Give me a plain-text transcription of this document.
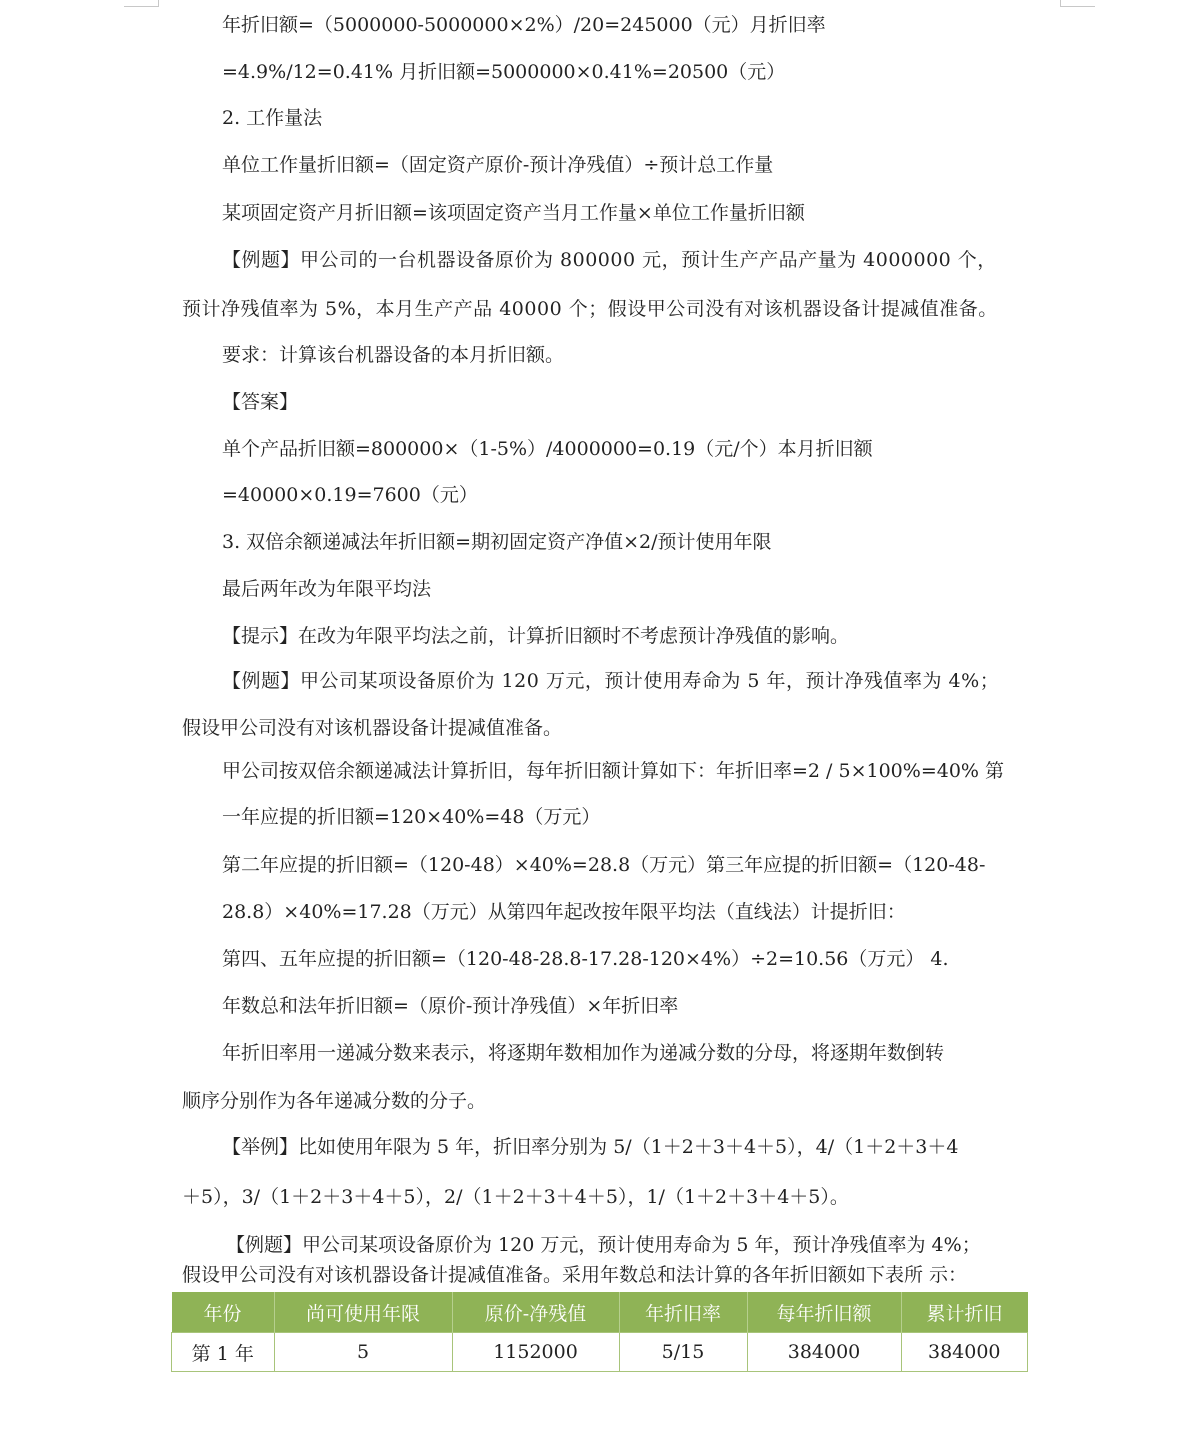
年折旧额=（5000000-5000000×2%）/20=245000（元）月折旧率
=4.9%/12=0.41% 月折旧额=5000000×0.41%=20500（元）
2. 工作量法
单位工作量折旧额=（固定资产原价-预计净残值）÷预计总工作量
某项固定资产月折旧额=该项固定资产当月工作量×单位工作量折旧额
【例题】甲公司的一台机器设备原价为 800000 元，预计生产产品产量为 4000000 个，
预计净残值率为 5%，本月生产产品 40000 个；假设甲公司没有对该机器设备计提减值准备。
要求：计算该台机器设备的本月折旧额。
【答案】
单个产品折旧额=800000×（1-5%）/4000000=0.19（元/个）本月折旧额
=40000×0.19=7600（元）
3. 双倍余额递减法年折旧额=期初固定资产净值×2/预计使用年限
最后两年改为年限平均法
【提示】在改为年限平均法之前，计算折旧额时不考虑预计净残值的影响。
【例题】甲公司某项设备原价为 120 万元，预计使用寿命为 5 年，预计净残值率为 4%；
假设甲公司没有对该机器设备计提减值准备。
甲公司按双倍余额递减法计算折旧，每年折旧额计算如下：年折旧率=2 / 5×100%=40% 第
一年应提的折旧额=120×40%=48（万元）
第二年应提的折旧额=（120-48）×40%=28.8（万元）第三年应提的折旧额=（120-48-
28.8）×40%=17.28（万元）从第四年起改按年限平均法（直线法）计提折旧：
第四、五年应提的折旧额=（120-48-28.8-17.28-120×4%）÷2=10.56（万元） 4.
年数总和法年折旧额=（原价-预计净残值）×年折旧率
年折旧率用一递减分数来表示，将逐期年数相加作为递减分数的分母，将逐期年数倒转
顺序分别作为各年递减分数的分子。
【举例】比如使用年限为 5 年，折旧率分别为 5/（1＋2＋3＋4＋5），4/（1＋2＋3＋4
＋5），3/（1＋2＋3＋4＋5），2/（1＋2＋3＋4＋5），1/（1＋2＋3＋4＋5）。
【例题】甲公司某项设备原价为 120 万元，预计使用寿命为 5 年，预计净残值率为 4%；
假设甲公司没有对该机器设备计提减值准备。采用年数总和法计算的各年折旧额如下表所 示：
年份	尚可使用年限	原价-净残值	年折旧率	每年折旧额	累计折旧
第 1 年	5	1152000	5/15	384000	384000
